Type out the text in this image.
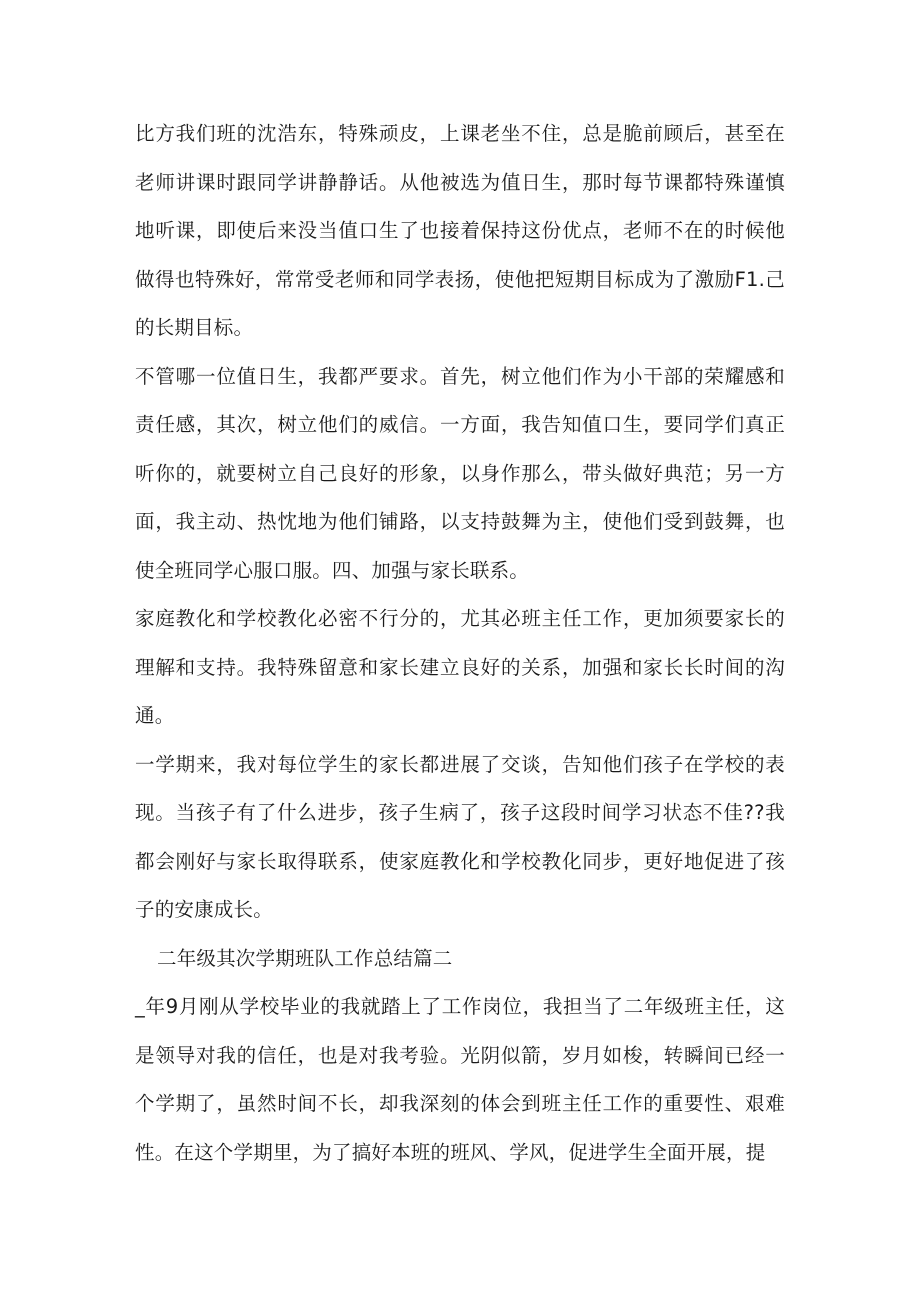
比方我们班的沈浩东，特殊顽皮，上课老坐不住，总是脆前顾后，甚至在老师讲课时跟同学讲静静话。从他被选为值日生，那时每节课都特殊谨慎地听课，即使后来没当值口生了也接着保持这份优点，老师不在的时候他做得也特殊好，常常受老师和同学表扬，使他把短期目标成为了激励F1.己的长期目标。

不管哪一位值日生，我都严要求。首先，树立他们作为小干部的荣耀感和责任感，其次，树立他们的威信。一方面，我告知值口生，要同学们真正听你的，就要树立自己良好的形象，以身作那么，带头做好典范；另一方面，我主动、热忱地为他们铺路，以支持鼓舞为主，使他们受到鼓舞，也使全班同学心服口服。四、加强与家长联系。

家庭教化和学校教化必密不行分的，尤其必班主任工作，更加须要家长的理解和支持。我特殊留意和家长建立良好的关系，加强和家长长时间的沟通。

一学期来，我对每位学生的家长都进展了交谈，告知他们孩子在学校的表现。当孩子有了什么进步，孩子生病了，孩子这段时间学习状态不佳??我都会刚好与家长取得联系，使家庭教化和学校教化同步，更好地促进了孩子的安康成长。

二年级其次学期班队工作总结篇二

_年9月刚从学校毕业的我就踏上了工作岗位，我担当了二年级班主任，这是领导对我的信任，也是对我考验。光阴似箭，岁月如梭，转瞬间已经一个学期了，虽然时间不长，却我深刻的体会到班主任工作的重要性、艰难性。在这个学期里，为了搞好本班的班风、学风，促进学生全面开展，提
